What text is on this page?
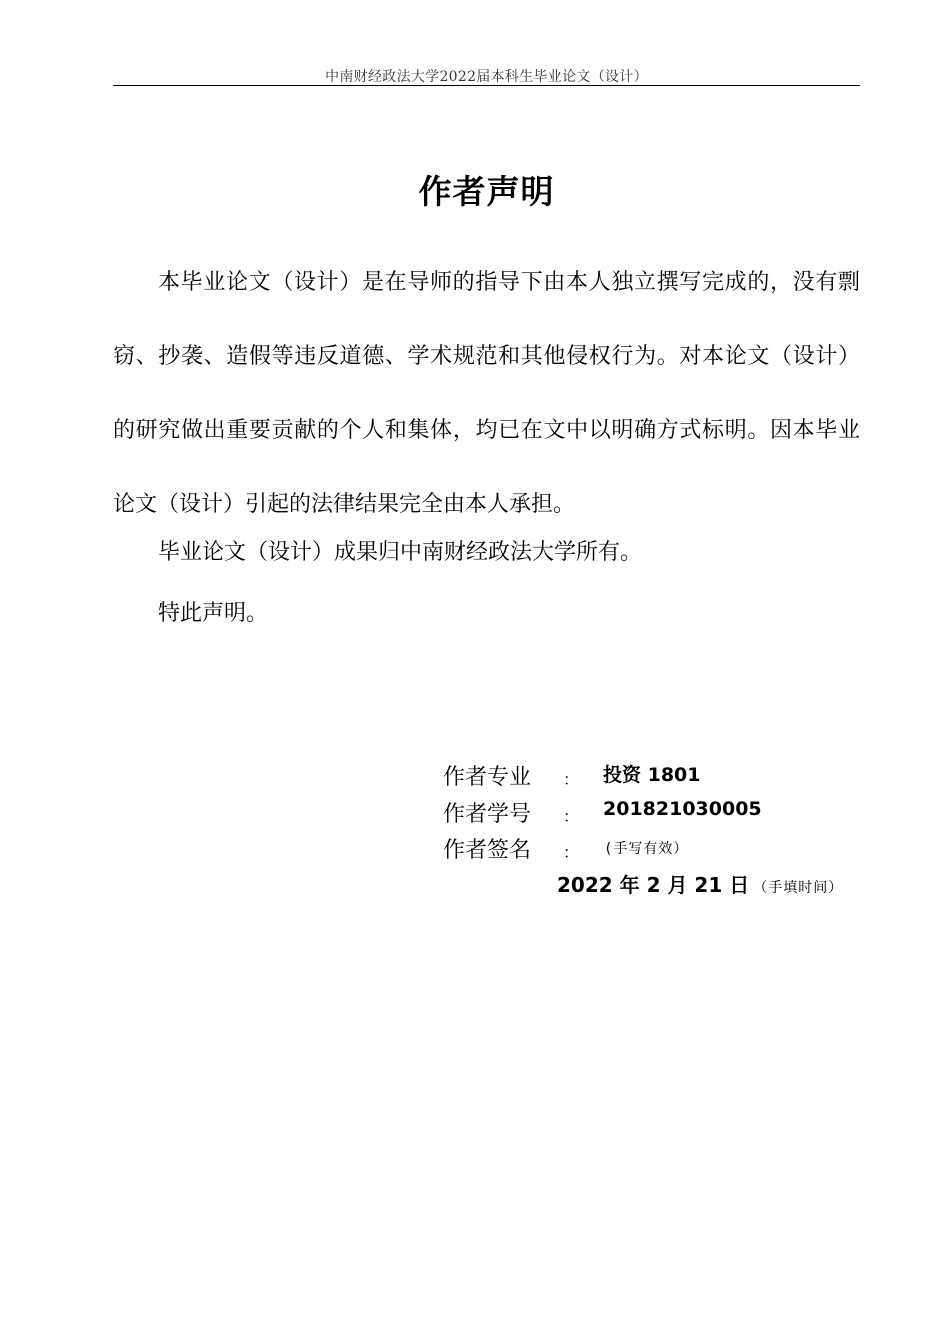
中南财经政法大学2022届本科生毕业论文（设计）
作者声明

本毕业论文（设计）是在导师的指导下由本人独立撰写完成的，没有剽窃、抄袭、造假等违反道德、学术规范和其他侵权行为。对本论文（设计）的研究做出重要贡献的个人和集体，均已在文中以明确方式标明。因本毕业论文（设计）引起的法律结果完全由本人承担。

毕业论文（设计）成果归中南财经政法大学所有。

特此声明。

作者专业 ： 投资 1801
作者学号 ： 201821030005
作者签名 ： (手写有效）
2022 年 2 月 21 日 （手填时间）
